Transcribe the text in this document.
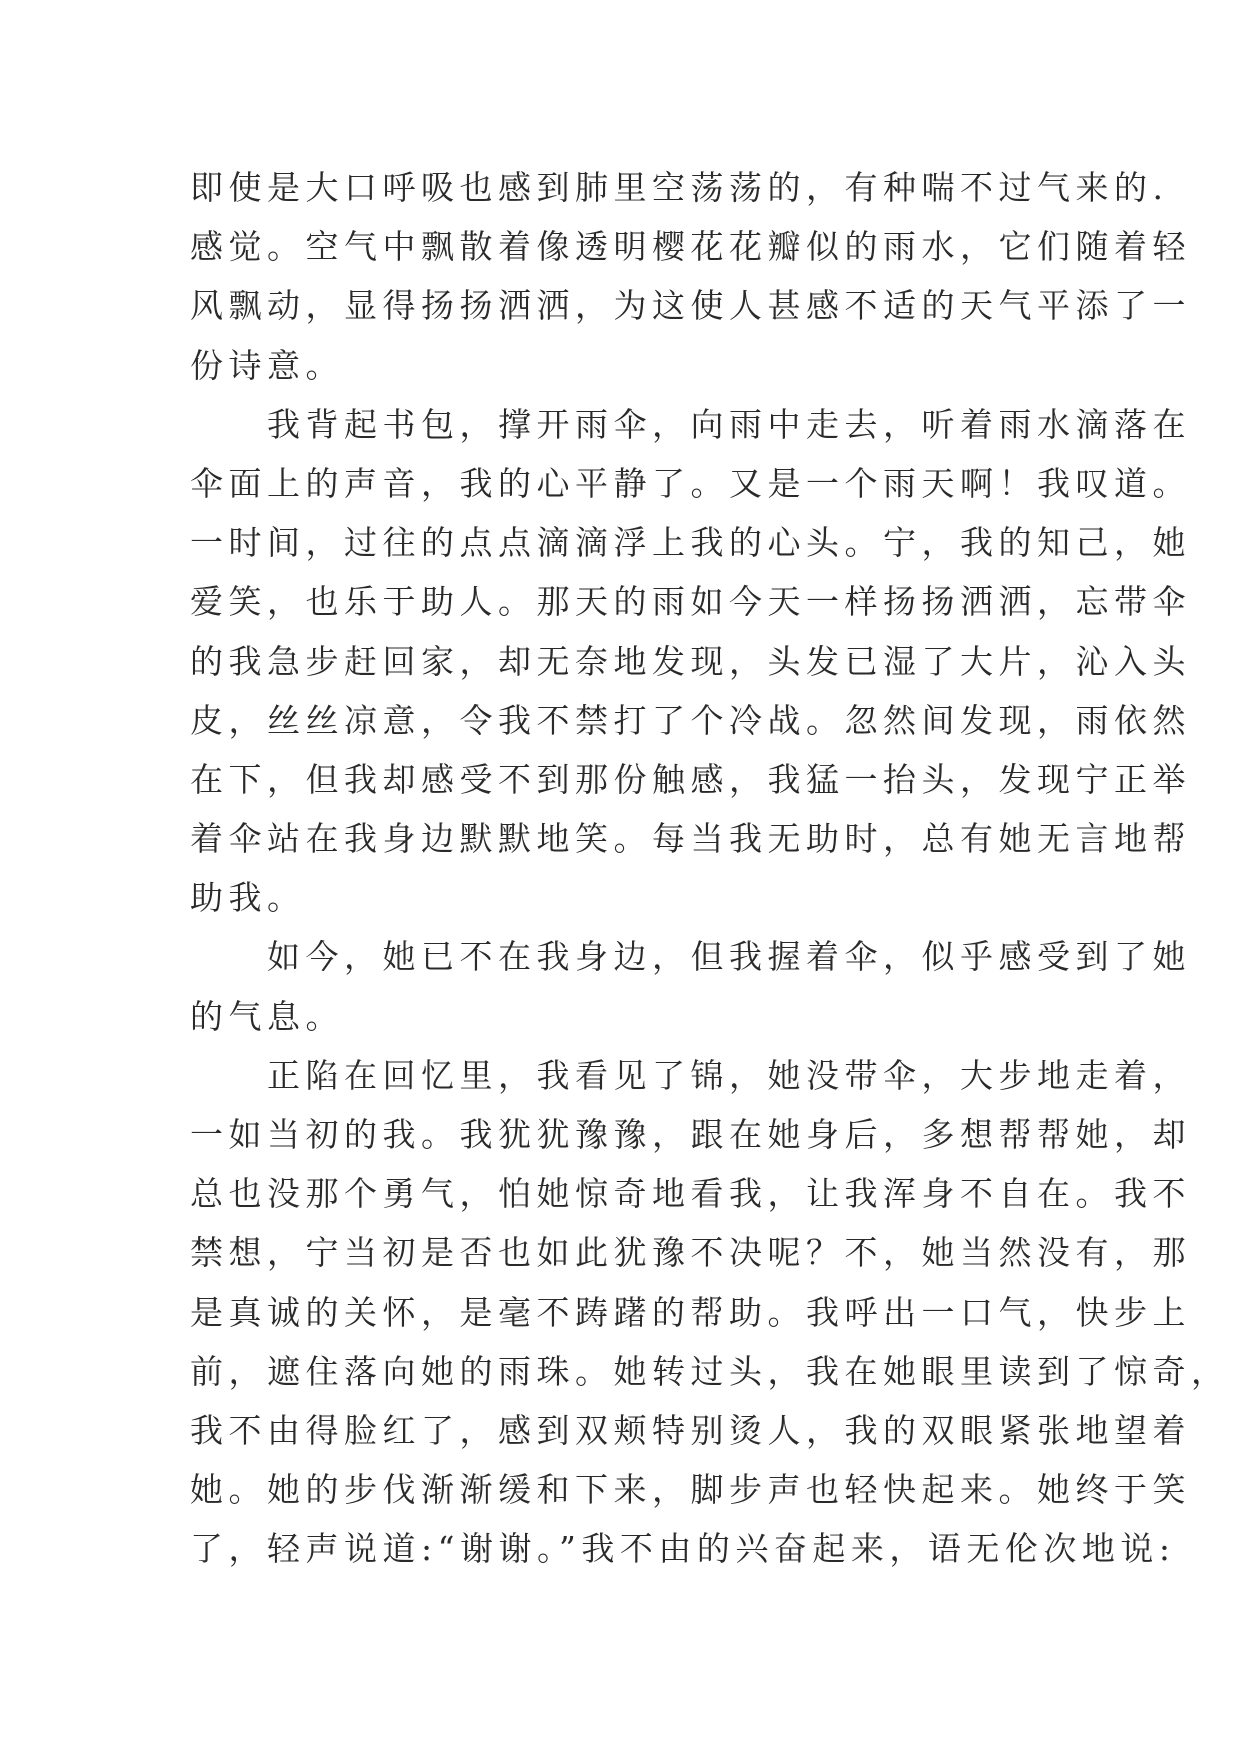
即使是大口呼吸也感到肺里空荡荡的，有种喘不过气来的.
感觉。空气中飘散着像透明樱花花瓣似的雨水，它们随着轻
风飘动，显得扬扬洒洒，为这使人甚感不适的天气平添了一
份诗意。
　　我背起书包，撑开雨伞，向雨中走去，听着雨水滴落在
伞面上的声音，我的心平静了。又是一个雨天啊！我叹道。
一时间，过往的点点滴滴浮上我的心头。宁，我的知己，她
爱笑，也乐于助人。那天的雨如今天一样扬扬洒洒，忘带伞
的我急步赶回家，却无奈地发现，头发已湿了大片，沁入头
皮，丝丝凉意，令我不禁打了个冷战。忽然间发现，雨依然
在下，但我却感受不到那份触感，我猛一抬头，发现宁正举
着伞站在我身边默默地笑。每当我无助时，总有她无言地帮
助我。
　　如今，她已不在我身边，但我握着伞，似乎感受到了她
的气息。
　　正陷在回忆里，我看见了锦，她没带伞，大步地走着，
一如当初的我。我犹犹豫豫，跟在她身后，多想帮帮她，却
总也没那个勇气，怕她惊奇地看我，让我浑身不自在。我不
禁想，宁当初是否也如此犹豫不决呢？不，她当然没有，那
是真诚的关怀，是毫不踌躇的帮助。我呼出一口气，快步上
前，遮住落向她的雨珠。她转过头，我在她眼里读到了惊奇，
我不由得脸红了，感到双颊特别烫人，我的双眼紧张地望着
她。她的步伐渐渐缓和下来，脚步声也轻快起来。她终于笑
了，轻声说道:“谢谢。”我不由的兴奋起来，语无伦次地说:
